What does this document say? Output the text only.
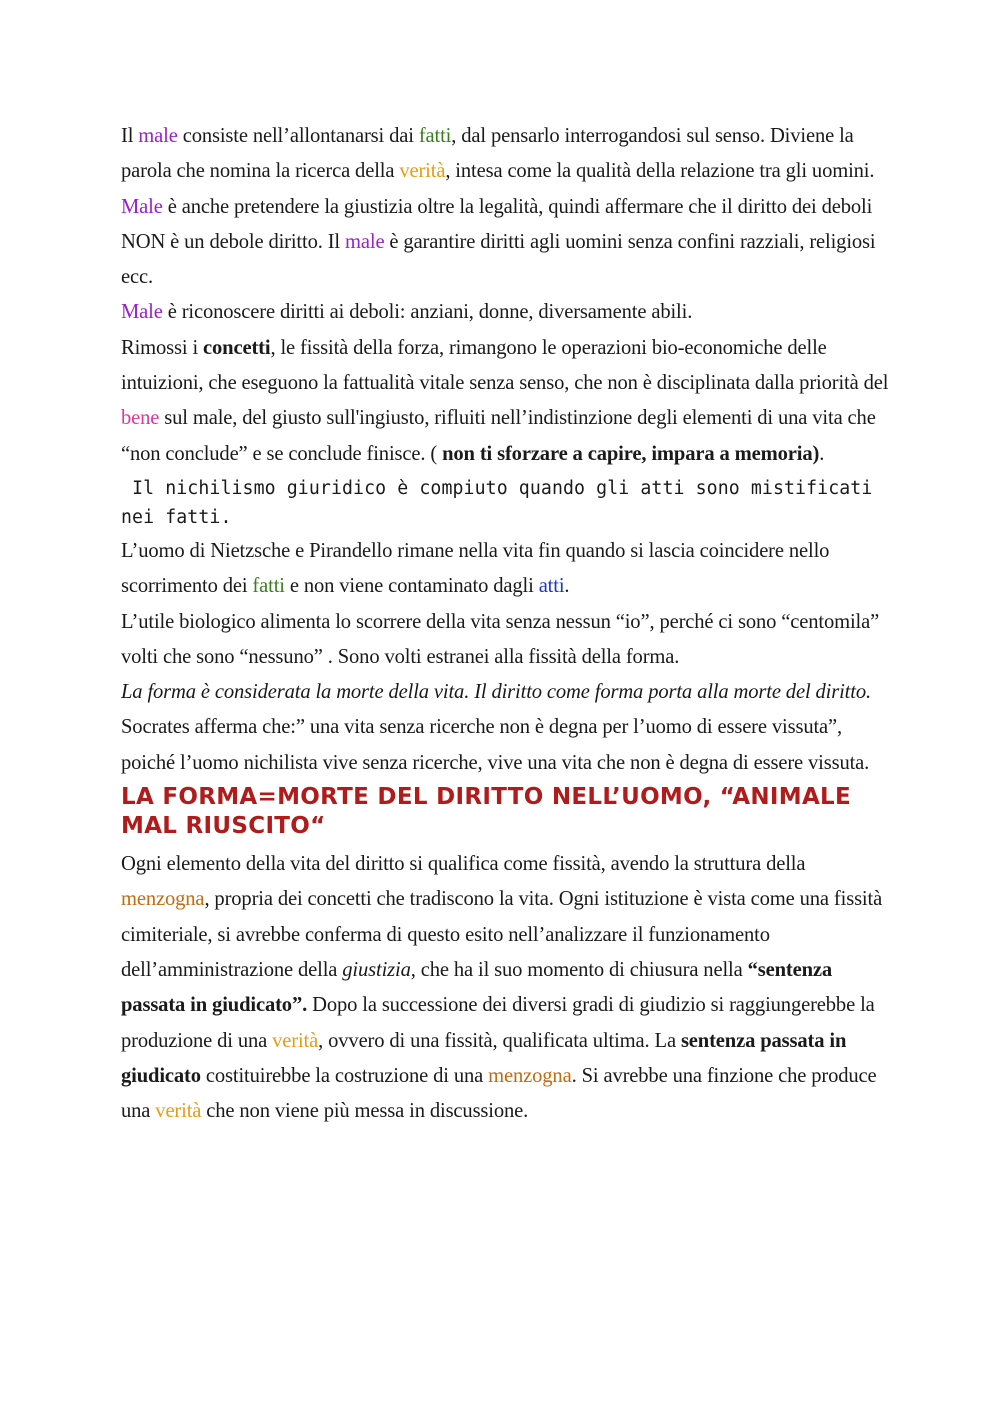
Il male consiste nell’allontanarsi dai fatti, dal pensarlo interrogandosi sul senso. Diviene la parola che nomina la ricerca della verità, intesa come la qualità della relazione tra gli uomini. Male è anche pretendere la giustizia oltre la legalità, quindi affermare che il diritto dei deboli NON è un debole diritto. Il male è garantire diritti agli uomini senza confini razziali, religiosi ecc.

Male è riconoscere diritti ai deboli: anziani, donne, diversamente abili.

Rimossi i concetti, le fissità della forza, rimangono le operazioni bio-economiche delle intuizioni, che eseguono la fattualità vitale senza senso, che non è disciplinata dalla priorità del bene sul male, del giusto sull'ingiusto, rifluiti nell’indistinzione degli elementi di una vita che “non conclude” e se conclude finisce. ( non ti sforzare a capire, impara a memoria).

Il nichilismo giuridico è compiuto quando gli atti sono mistificati nei fatti.

L’uomo di Nietzsche e Pirandello rimane nella vita fin quando si lascia coincidere nello scorrimento dei fatti e non viene contaminato dagli atti.

L’utile biologico alimenta lo scorrere della vita senza nessun “io”, perché ci sono “centomila” volti che sono “nessuno” . Sono volti estranei alla fissità della forma.

La forma è considerata la morte della vita. Il diritto come forma porta alla morte del diritto.

Socrates afferma che:” una vita senza ricerche non è degna per l’uomo di essere vissuta”, poiché l’uomo nichilista vive senza ricerche, vive una vita che non è degna di essere vissuta.

LA FORMA=MORTE DEL DIRITTO NELL’UOMO, “ANIMALE MAL RIUSCITO“

Ogni elemento della vita del diritto si qualifica come fissità, avendo la struttura della menzogna, propria dei concetti che tradiscono la vita. Ogni istituzione è vista come una fissità cimiteriale, si avrebbe conferma di questo esito nell’analizzare il funzionamento dell’amministrazione della giustizia, che ha il suo momento di chiusura nella “sentenza passata in giudicato”. Dopo la successione dei diversi gradi di giudizio si raggiungerebbe la produzione di una verità, ovvero di una fissità, qualificata ultima. La sentenza passata in giudicato costituirebbe la costruzione di una menzogna. Si avrebbe una finzione che produce una verità che non viene più messa in discussione.
